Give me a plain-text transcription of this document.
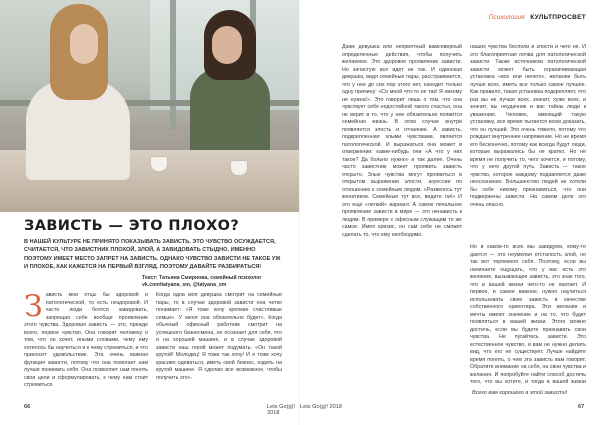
ЗАВИСТЬ — ЭТО ПЛОХО?
В НАШЕЙ КУЛЬТУРЕ НЕ ПРИНЯТО ПОКАЗЫВАТЬ ЗАВИСТЬ. ЭТО ЧУВСТВО ОСУЖДАЕТСЯ, СЧИТАЕТСЯ, ЧТО ЗАВИСТНИК ПЛОХОЙ, ЗЛОЙ, А ЗАВИДОВАТЬ СТЫДНО. ИМЕННО ПОЭТОМУ ИМЕЕТ МЕСТО ЗАПРЕТ НА ЗАВИСТЬ. ОДНАКО ЧУВСТВО ЗАВИСТИ НЕ ТАКОЕ УЖ И ПЛОХОЕ, КАК КАЖЕТСЯ НА ПЕРВЫЙ ВЗГЛЯД. ПОЭТОМУ ДАВАЙТЕ РАЗБИРАТЬСЯ!
Текст: Татьяна Смирнова, семейный психолог vk.com/tatyana_sm, @tatyana_sm
З ависть мои отцы бы здоровой и патологической, то есть нездоровой. И часто люди боятся завидовать, запрещая себе вообще проявление этого чувства. Здоровая зависть — это, прежде всего, первое чувство. Она говорит человеку о том, что он хочет, иными словами, чему ему хотелось бы научиться и к чему стремиться, и что приносит удовольствие. Эта очень важная функция зависти, потому что она помогает нам лучше понимать себя. Она позволяет нам понять свои цели и сформулировать, к чему нам стоит стремиться.
Когда одна моя девушка смотрит на семейные пары, то в случае здоровой зависти она четко понимает: «Я тоже хочу крепкие счастливые семьи». У меня она обязательно будет». Когда обычный офисный работник смотрит на успешного бизнесмена, он осознает для себя, что и на хорошей машине, и в случае здоровой зависти наш герой может подумать: «Он такой крутой! Молодец! Я тоже так хочу! И я тоже хочу красиво одеваться, иметь свой бизнес, ездить на крутой машине. Я сделаю все возможное, чтобы получить это».
66	Lets Go(g)! 2018
Психология КУЛЬТПРОСВЕТ
Даже девушка или неприятный вамсеверный определенные действия, чтобы получить желаемое. Это здоровое проявление зависти. Но зачастую все идет не так. И одинокая девушка, видя семейные пары, расстраивается, что у нее до сих пор этого нет, находит только одну причину: «Со мной что-то не так! Я никому не нужна!». Это говорит лишь о том, что она чувствует себя недостойной такого счастья, она не верит в то, что у нее обязательно появится семейная жизнь. В этом случае внутри появляется злость и отчаяние. А зависть, подкрепленная злыми чувствами, является патологической. И выражаться она может в отвержении: какие-нибудь они «А что у них такое? Да больно нужно» и так далее. Очень часто завистник может проявить зависть открыто. Злые чувства могут проявиться в открытом выражении злости, агрессии по отношению к семейным людям. «Развелось тут женатиков. Семейные тут все, видите ли!» И это еще «легкий» вариант. А самое печальное проявление зависти в мире — это ненависть к людям. В примере с офисным служащим то же самое. Имея кризис, он сам себе не сможет сделать то, что ему необходимо.
наших чувства бесполи и злости и чего не. И это благоприятная почва для патологической зависти. Также источником патологической зависти может быть ограничивающая установка «все или ничего», желание быть лучше всех, иметь все только самое лучшее. Как правило, такая установка подкрепляет, что раз вы не лучше всех, значит, хуже всех, и значит, вы неудачник и вас тайны люди к уважению. Человек, имеющий такую установку, все время пытается всем доказать, что он лучший. Это очень тяжело, потому что рождает внутреннее напряжение. Но не время его бесконечно, потому как всегда будут люди, которые выражались бы не кратко. Но не время не получить то, чего хочется, и потому, что у него другой путь. Зависть — такое чувство, которое каждому подавляется даже неосознанно. Большинство людей не хотели бы себе никому признаваться, что они подвержены зависти. На самом деле это очень опасно.
Но в каком-то всех мы завидуем, кому-то дается — это неумелая отсталость злой, но так вот теряемого себя. Поэтому, если вы начинаете ощущать, что у вас есть это желание, вызывающее зависть, это знак того, что в вашей жизни чего-то не хватает. И первое, и самое важное, нужно научиться использовать свою зависть в качестве собственного ориентира. Эти желания и мечты имеют значение и на то, что будет появляться в вашей жизни. Этого можно достичь, если вы будете признавать свои чувства. Не пугайтесь зависти. Это естественное чувство, и вам не нужно делать вид, что его не существует. Лучше найдите время понять, о чем эта зависть вам говорит. Обратите внимание на себя, на свои чувства и желания. И попробуйте найти способ достичь того, что вы хотите, и тогда в вашей жизни
Lets Go(g)! 2018	67
Всего вам хорошего в этой зависти!
